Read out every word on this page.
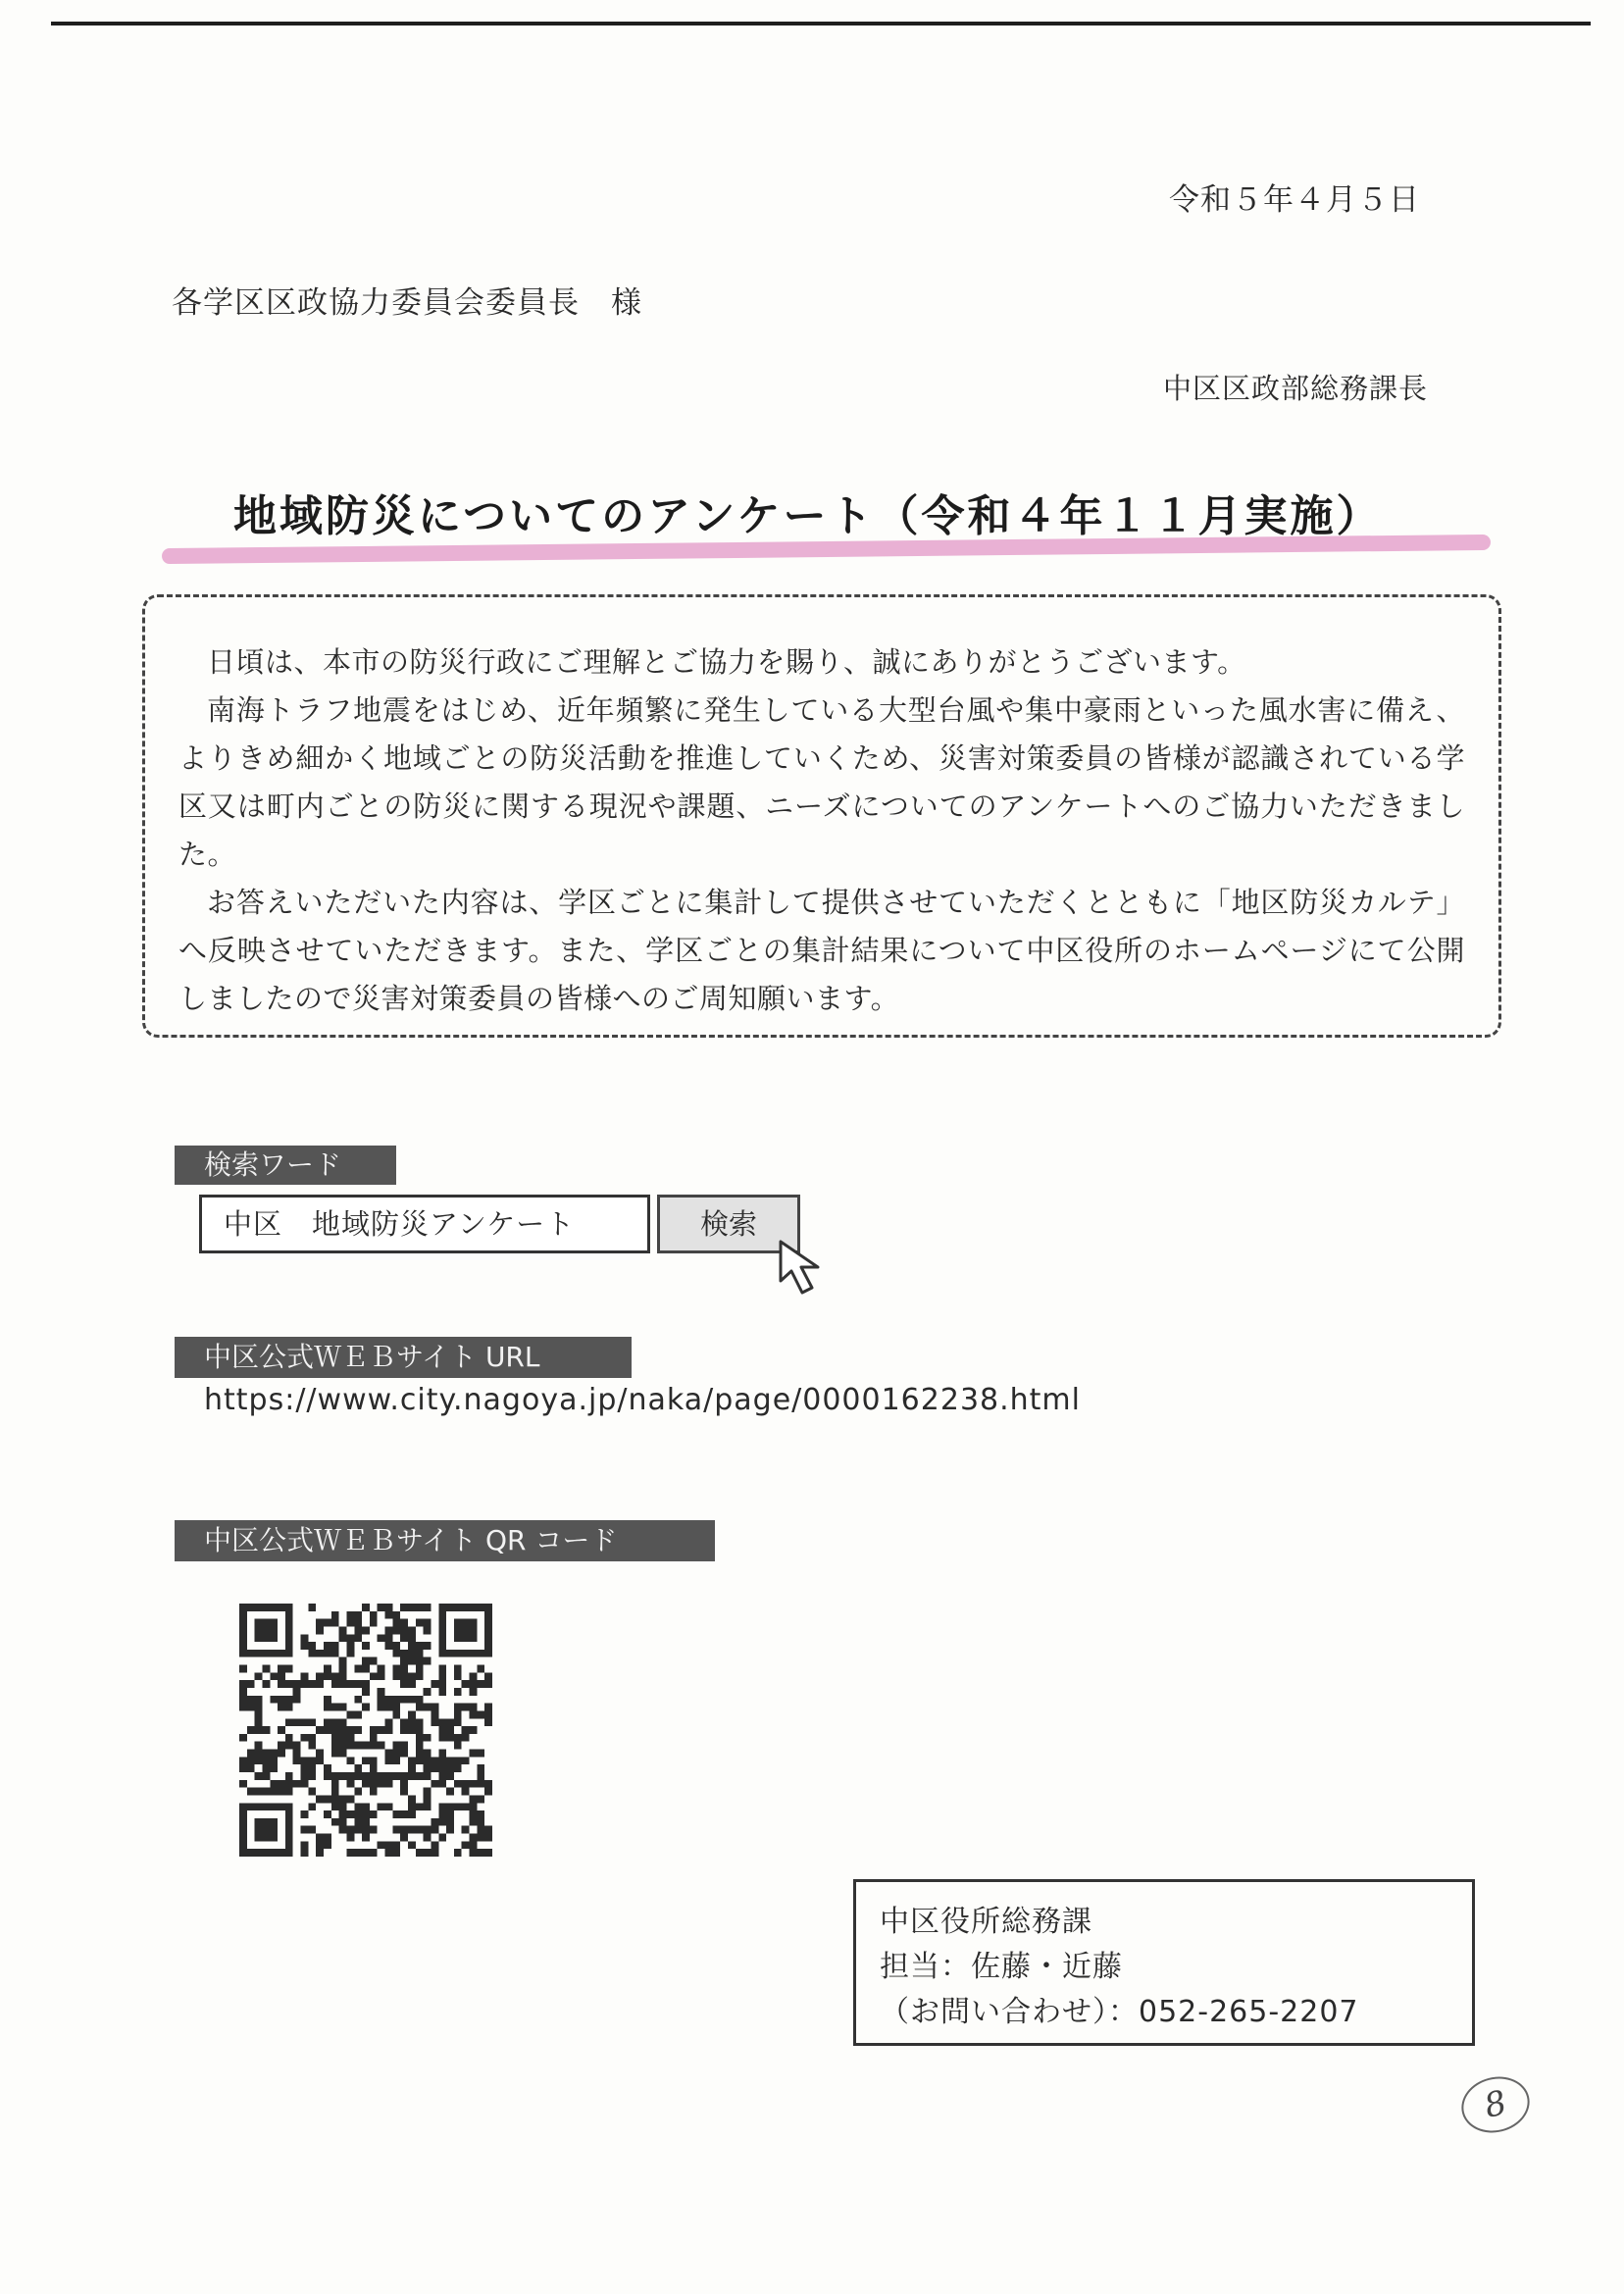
令和５年４月５日
各学区区政協力委員会委員長　様
中区区政部総務課長
地域防災についてのアンケート（令和４年１１月実施）

日頃は、本市の防災行政にご理解とご協力を賜り、誠にありがとうございます。

南海トラフ地震をはじめ、近年頻繁に発生している大型台風や集中豪雨といった風水害に備え、よりきめ細かく地域ごとの防災活動を推進していくため、災害対策委員の皆様が認識されている学区又は町内ごとの防災に関する現況や課題、ニーズについてのアンケートへのご協力いただきました。

お答えいただいた内容は、学区ごとに集計して提供させていただくとともに「地区防災カルテ」へ反映させていただきます。また、学区ごとの集計結果について中区役所のホームページにて公開しましたので災害対策委員の皆様へのご周知願います。

検索ワード
中区　地域防災アンケート	検索
中区公式ＷＥＢサイト URL
https://www.city.nagoya.jp/naka/page/0000162238.html
中区公式ＷＥＢサイト QR コード
中区役所総務課
担当：佐藤・近藤
（お問い合わせ）：052-265-2207
8
